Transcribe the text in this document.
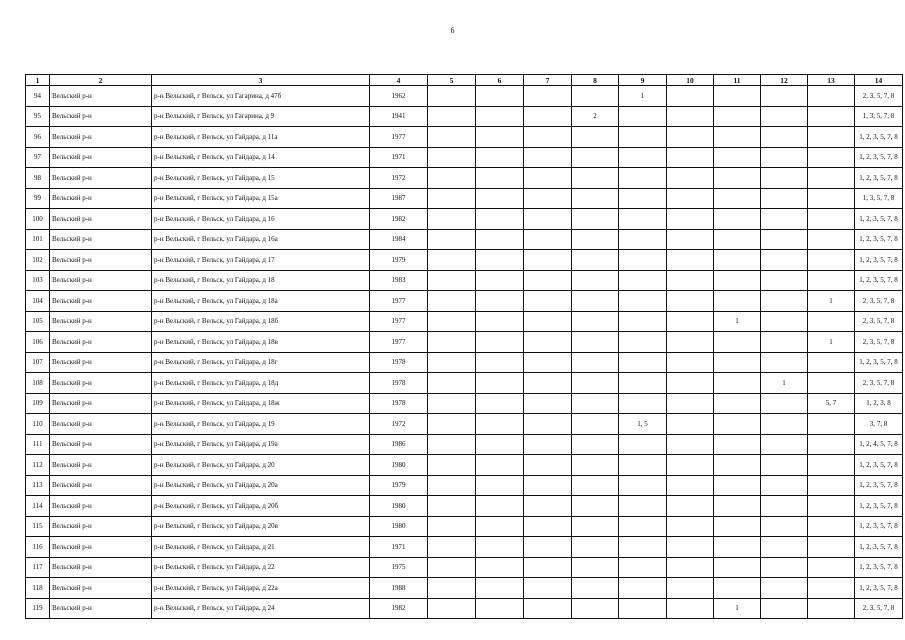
6
1	2	3	4	5	6	7	8	9	10	11	12	13	14
94	Вельский р-н	р-н Вельский, г Вельск, ул Гагарина, д 47б	1962					1					2, 3, 5, 7, 8
95	Вельский р-н	р-н Вельский, г Вельск, ул Гагарина, д 9	1941				2						1, 3, 5, 7, 8
96	Вельский р-н	р-н Вельский, г Вельск, ул Гайдара, д 11а	1977										1, 2, 3, 5, 7, 8
97	Вельский р-н	р-н Вельский, г Вельск, ул Гайдара, д 14	1971										1, 2, 3, 5, 7, 8
98	Вельский р-н	р-н Вельский, г Вельск, ул Гайдара, д 15	1972										1, 2, 3, 5, 7, 8
99	Вельский р-н	р-н Вельский, г Вельск, ул Гайдара, д 15а	1987										1, 3, 5, 7, 8
100	Вельский р-н	р-н Вельский, г Вельск, ул Гайдара, д 16	1982										1, 2, 3, 5, 7, 8
101	Вельский р-н	р-н Вельский, г Вельск, ул Гайдара, д 16а	1984										1, 2, 3, 5, 7, 8
102	Вельский р-н	р-н Вельский, г Вельск, ул Гайдара, д 17	1979										1, 2, 3, 5, 7, 8
103	Вельский р-н	р-н Вельский, г Вельск, ул Гайдара, д 18	1983										1, 2, 3, 5, 7, 8
104	Вельский р-н	р-н Вельский, г Вельск, ул Гайдара, д 18а	1977									1	2, 3, 5, 7, 8
105	Вельский р-н	р-н Вельский, г Вельск, ул Гайдара, д 18б	1977							1			2, 3, 5, 7, 8
106	Вельский р-н	р-н Вельский, г Вельск, ул Гайдара, д 18в	1977									1	2, 3, 5, 7, 8
107	Вельский р-н	р-н Вельский, г Вельск, ул Гайдара, д 18г	1978										1, 2, 3, 5, 7, 8
108	Вельский р-н	р-н Вельский, г Вельск, ул Гайдара, д 18д	1978								1		2, 3, 5, 7, 8
109	Вельский р-н	р-н Вельский, г Вельск, ул Гайдара, д 18ж	1978									5, 7	1, 2, 3, 8
110	Вельский р-н	р-н Вельский, г Вельск, ул Гайдара, д 19	1972					1, 5					3, 7, 8
111	Вельский р-н	р-н Вельский, г Вельск, ул Гайдара, д 19а	1986										1, 2, 4, 5, 7, 8
112	Вельский р-н	р-н Вельский, г Вельск, ул Гайдара, д 20	1980										1, 2, 3, 5, 7, 8
113	Вельский р-н	р-н Вельский, г Вельск, ул Гайдара, д 20а	1979										1, 2, 3, 5, 7, 8
114	Вельский р-н	р-н Вельский, г Вельск, ул Гайдара, д 20б	1980										1, 2, 3, 5, 7, 8
115	Вельский р-н	р-н Вельский, г Вельск, ул Гайдара, д 20в	1980										1, 2, 3, 5, 7, 8
116	Вельский р-н	р-н Вельский, г Вельск, ул Гайдара, д 21	1971										1, 2, 3, 5, 7, 8
117	Вельский р-н	р-н Вельский, г Вельск, ул Гайдара, д 22	1975										1, 2, 3, 5, 7, 8
118	Вельский р-н	р-н Вельский, г Вельск, ул Гайдара, д 22а	1988										1, 2, 3, 5, 7, 8
119	Вельский р-н	р-н Вельский, г Вельск, ул Гайдара, д 24	1982							1			2, 3, 5, 7, 8
